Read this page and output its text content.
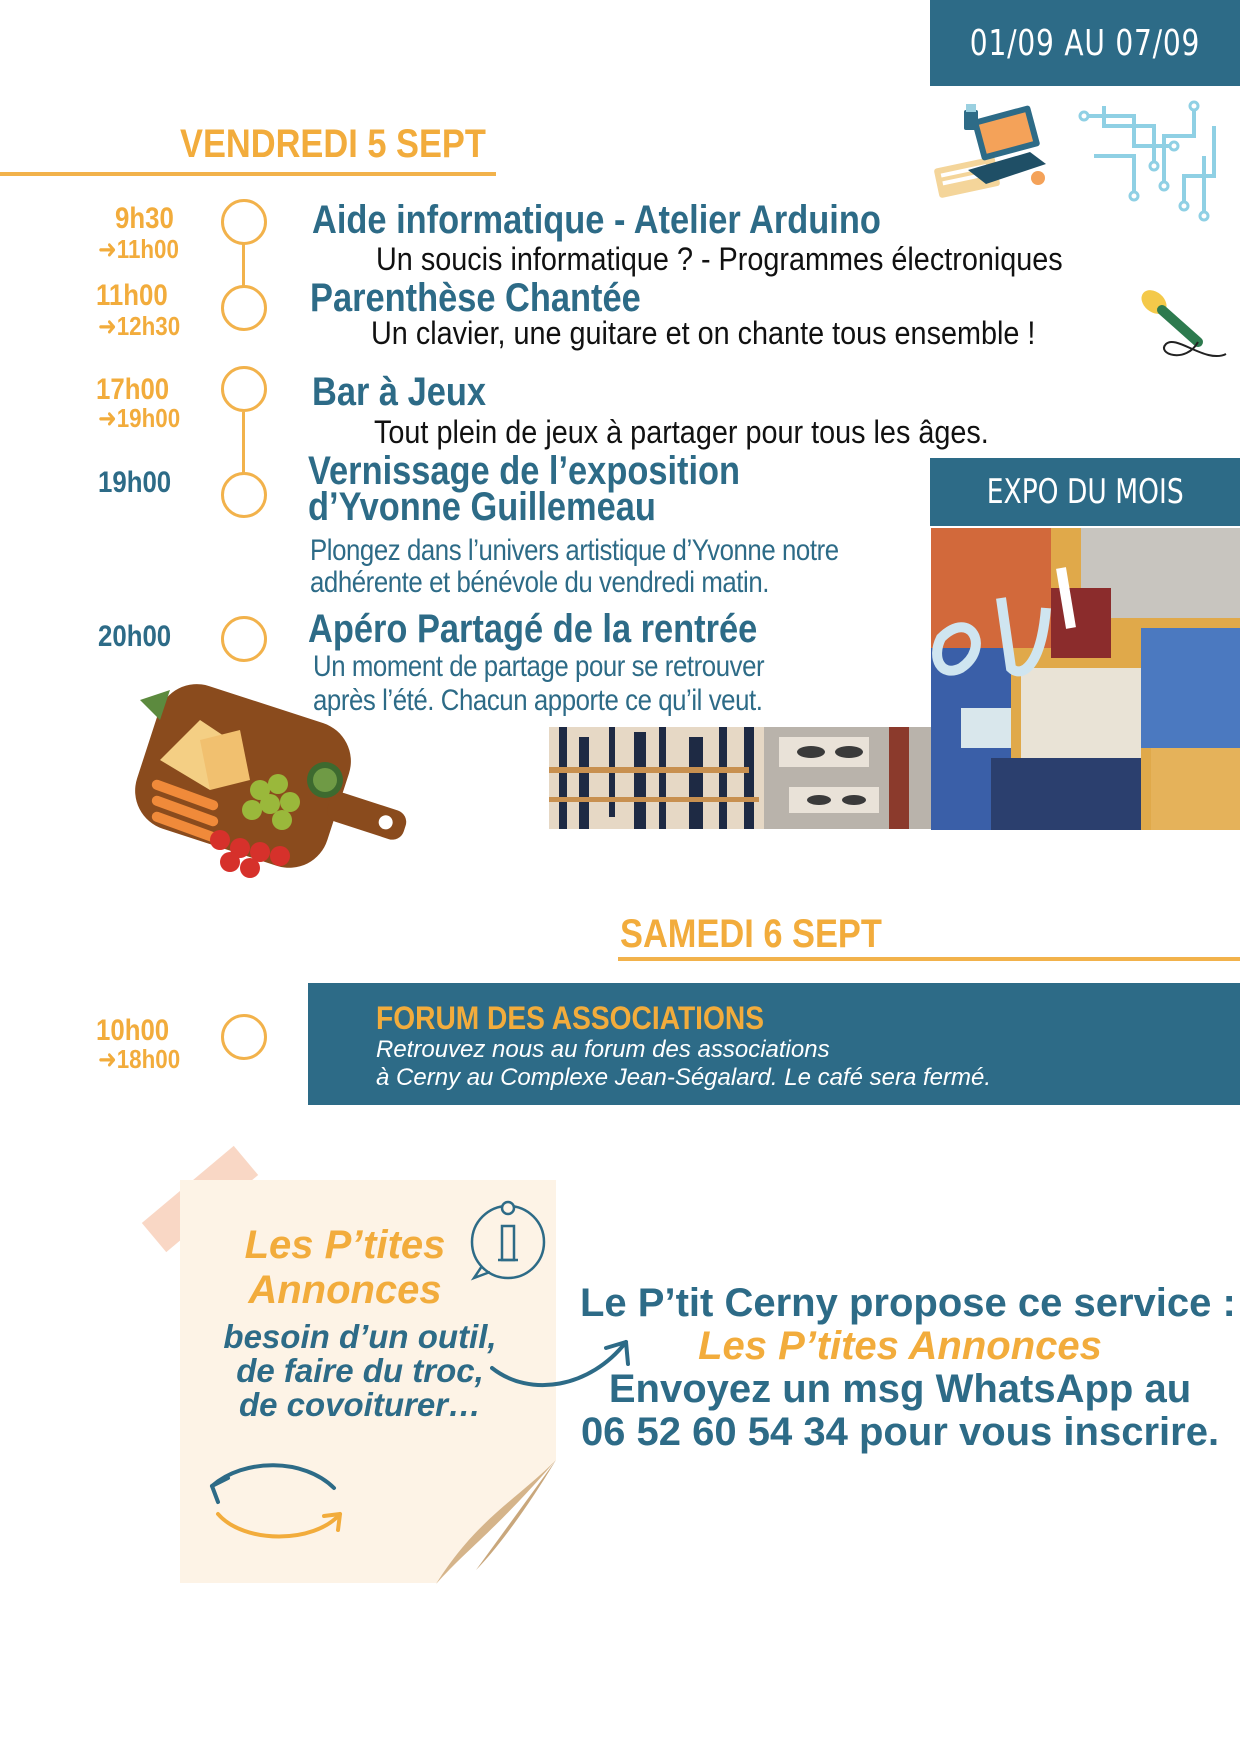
01/09 AU 07/09
VENDREDI 5 SEPT
9h30
➜11h00
Aide informatique - Atelier Arduino
Un soucis informatique ? - Programmes électroniques
11h00
➜12h30
Parenthèse Chantée
Un clavier, une guitare et on chante tous ensemble !
17h00
➜19h00
Bar à Jeux
Tout plein de jeux à partager pour tous les âges.
19h00	Vernissage de l’exposition
d’Yvonne Guillemeau
Plongez dans l’univers artistique d’Yvonne notre
adhérente et bénévole du vendredi matin.
EXPO DU MOIS
oui
20h00	Apéro Partagé de la rentrée
Un moment de partage pour se retrouver
après l’été. Chacun apporte ce qu’il veut.
SAMEDI 6 SEPT
10h00
➜18h00
FORUM DES ASSOCIATIONS
Retrouvez nous au forum des associations
à Cerny au Complexe Jean-Ségalard. Le café sera fermé.
Les P’tites
Annonces
besoin d’un outil,
de faire du troc,
de covoiturer…
Le P’tit Cerny propose ce service :
Les P’tites Annonces
Envoyez un msg WhatsApp au
06 52 60 54 34 pour vous inscrire.
